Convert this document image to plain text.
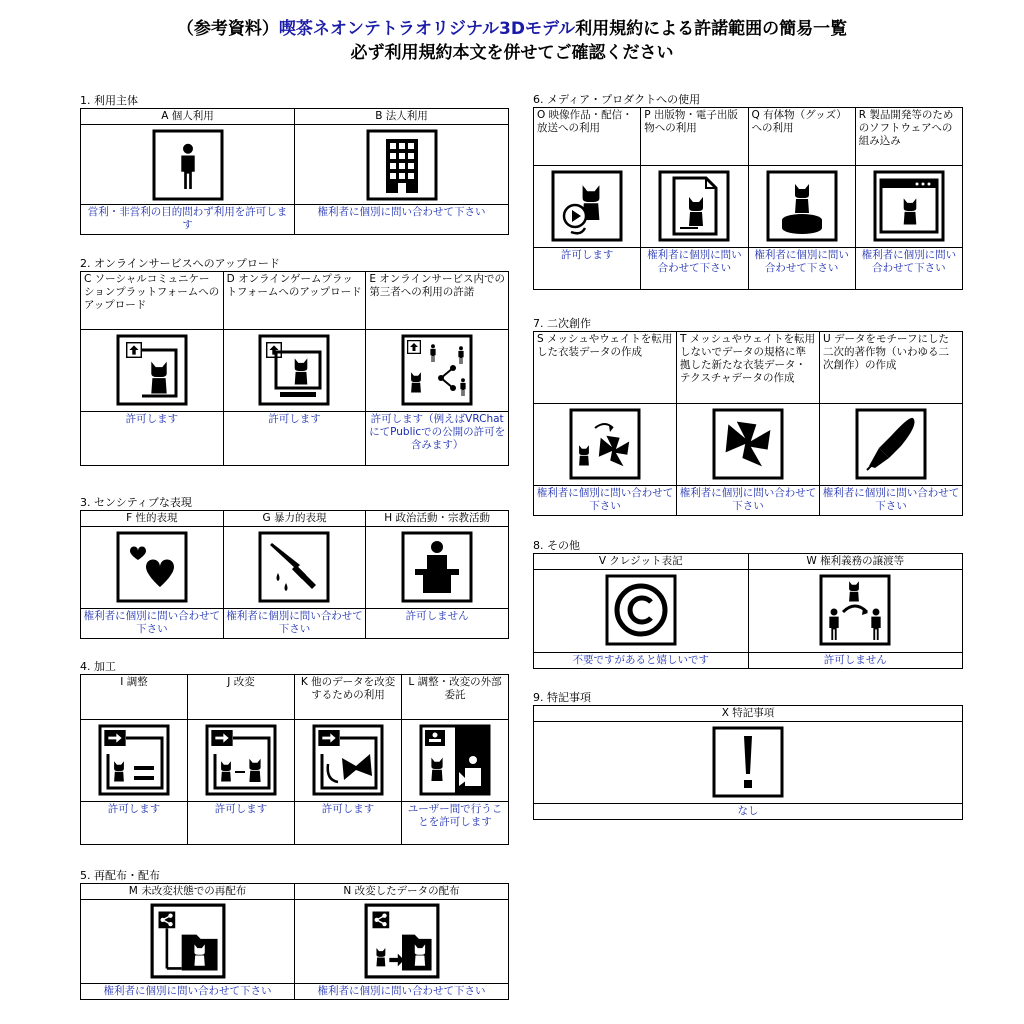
（参考資料）喫茶ネオンテトラオリジナル3Dモデル利用規約による許諾範囲の簡易一覧
必ず利用規約本文を併せてご確認ください
1. 利用主体
A 個人利用	B 法人利用

営利・非営利の目的問わず利用を許可します	権利者に個別に問い合わせて下さい
2. オンラインサービスへのアップロード
C ソーシャルコミュニケーションプラットフォームへのアップロード	D オンラインゲームプラットフォームへのアップロード	E オンラインサービス内での第三者への利用の許諾

許可します	許可します	許可します（例えばVRChatにてPublicでの公開の許可を含みます）
3. センシティブな表現
F 性的表現	G 暴力的表現	H 政治活動・宗教活動

権利者に個別に問い合わせて下さい	権利者に個別に問い合わせて下さい	許可しません
4. 加工
I 調整	J 改変	K 他のデータを改変するための利用	L 調整・改変の外部委託

許可します	許可します	許可します	ユーザー間で行うことを許可します
5. 再配布・配布
M 未改変状態での再配布	N 改変したデータの配布

権利者に個別に問い合わせて下さい	権利者に個別に問い合わせて下さい
6. メディア・プロダクトへの使用
O 映像作品・配信・放送への利用	P 出版物・電子出版物への利用	Q 有体物（グッズ）への利用	R 製品開発等のためのソフトウェアへの組み込み

許可します	権利者に個別に問い合わせて下さい	権利者に個別に問い合わせて下さい	権利者に個別に問い合わせて下さい
7. 二次創作
S メッシュやウェイトを転用した衣装データの作成	T メッシュやウェイトを転用しないでデータの規格に準拠した新たな衣装データ・テクスチャデータの作成	U データをモチーフにした二次的著作物（いわゆる二次創作）の作成

権利者に個別に問い合わせて下さい	権利者に個別に問い合わせて下さい	権利者に個別に問い合わせて下さい
8. その他
V クレジット表記	W 権利義務の譲渡等

不要ですがあると嬉しいです	許可しません
9. 特記事項
X 特記事項

なし
